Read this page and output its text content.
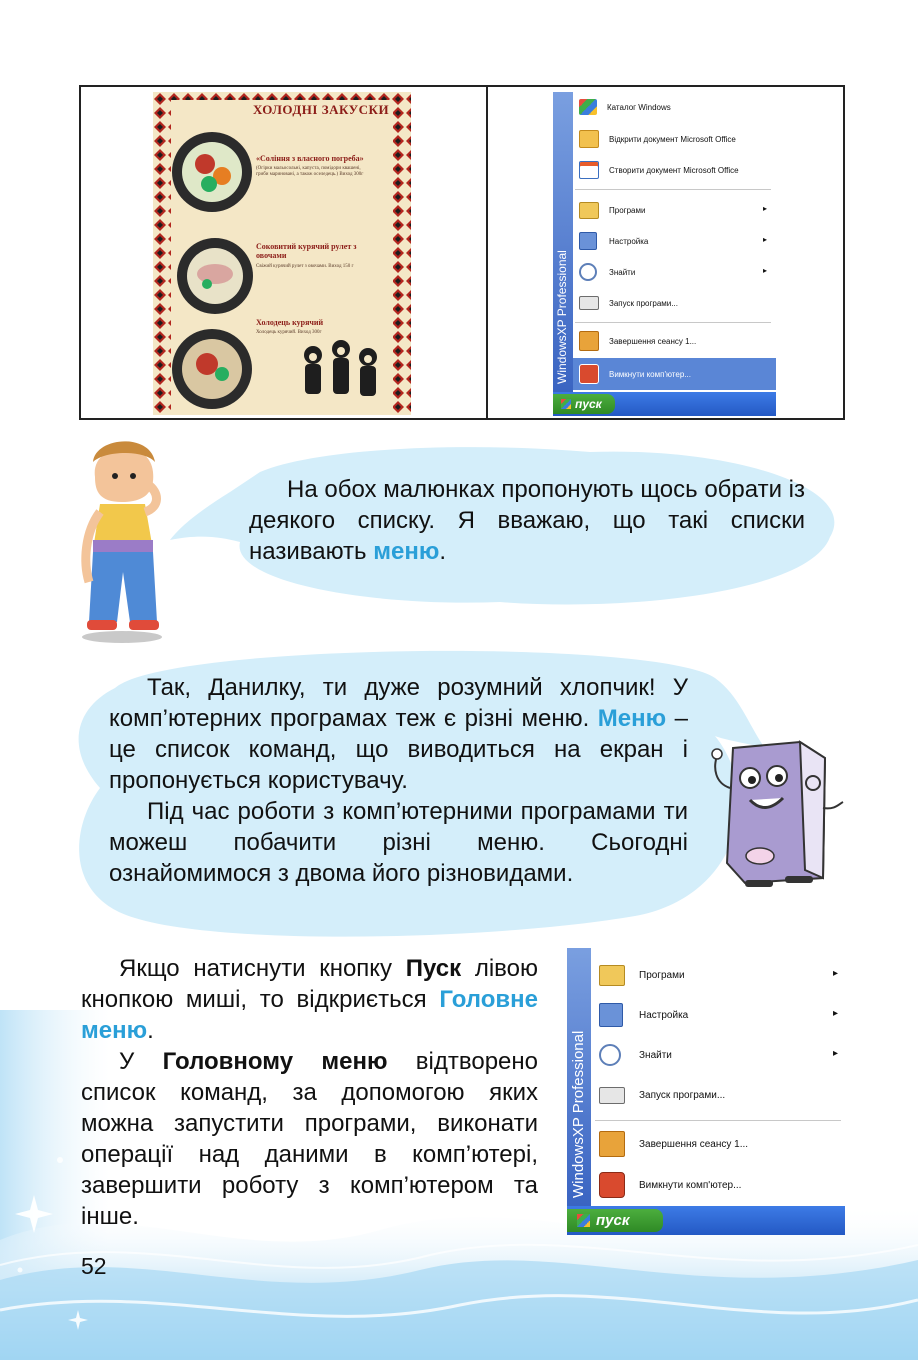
ХОЛОДНІ ЗАКУСКИ
«Соління з власного погреба»
(Огірки мальосольні, капуста, помідори квашені, гриби маринованi, а також оселедець.) Виход 300г
Соковитий курячий рулет з овочами
Свіжий курячий рулет з овочами. Виход 150 г
Холодець курячий
Холодець курячий. Виход 300г	WindowsXP Professional
Каталог Windows
Відкрити документ Microsoft Office
Створити документ Microsoft Office
Програми	▸
Настройка	▸
Знайти	▸
Запуск програми...
Завершення сеансу 1...
Вимкнути комп'ютер...
пуск
На обох малюнках пропонують щось обрати із деякого списку. Я вважаю, що такі списки називають меню.
Так, Данилку, ти дуже розумний хлопчик! У комп’ютерних програмах теж є різні меню. Меню – це список команд, що виводиться на екран і пропонується користувачу.
Під час роботи з комп’ютерними програмами ти можеш побачити різні меню. Сьогодні ознайомимося з двома його різновидами.
Якщо натиснути кнопку Пуск лівою кнопкою миші, то відкриється Головне меню.
У Головному меню відтворено список команд, за допомогою яких можна запустити програми, виконати операції над даними в комп’ютері, завершити роботу з комп’ютером та інше.
WindowsXP Professional
Програми	▸
Настройка	▸
Знайти	▸
Запуск програми...
Завершення сеансу 1...
Вимкнути комп'ютер...
пуск
52
